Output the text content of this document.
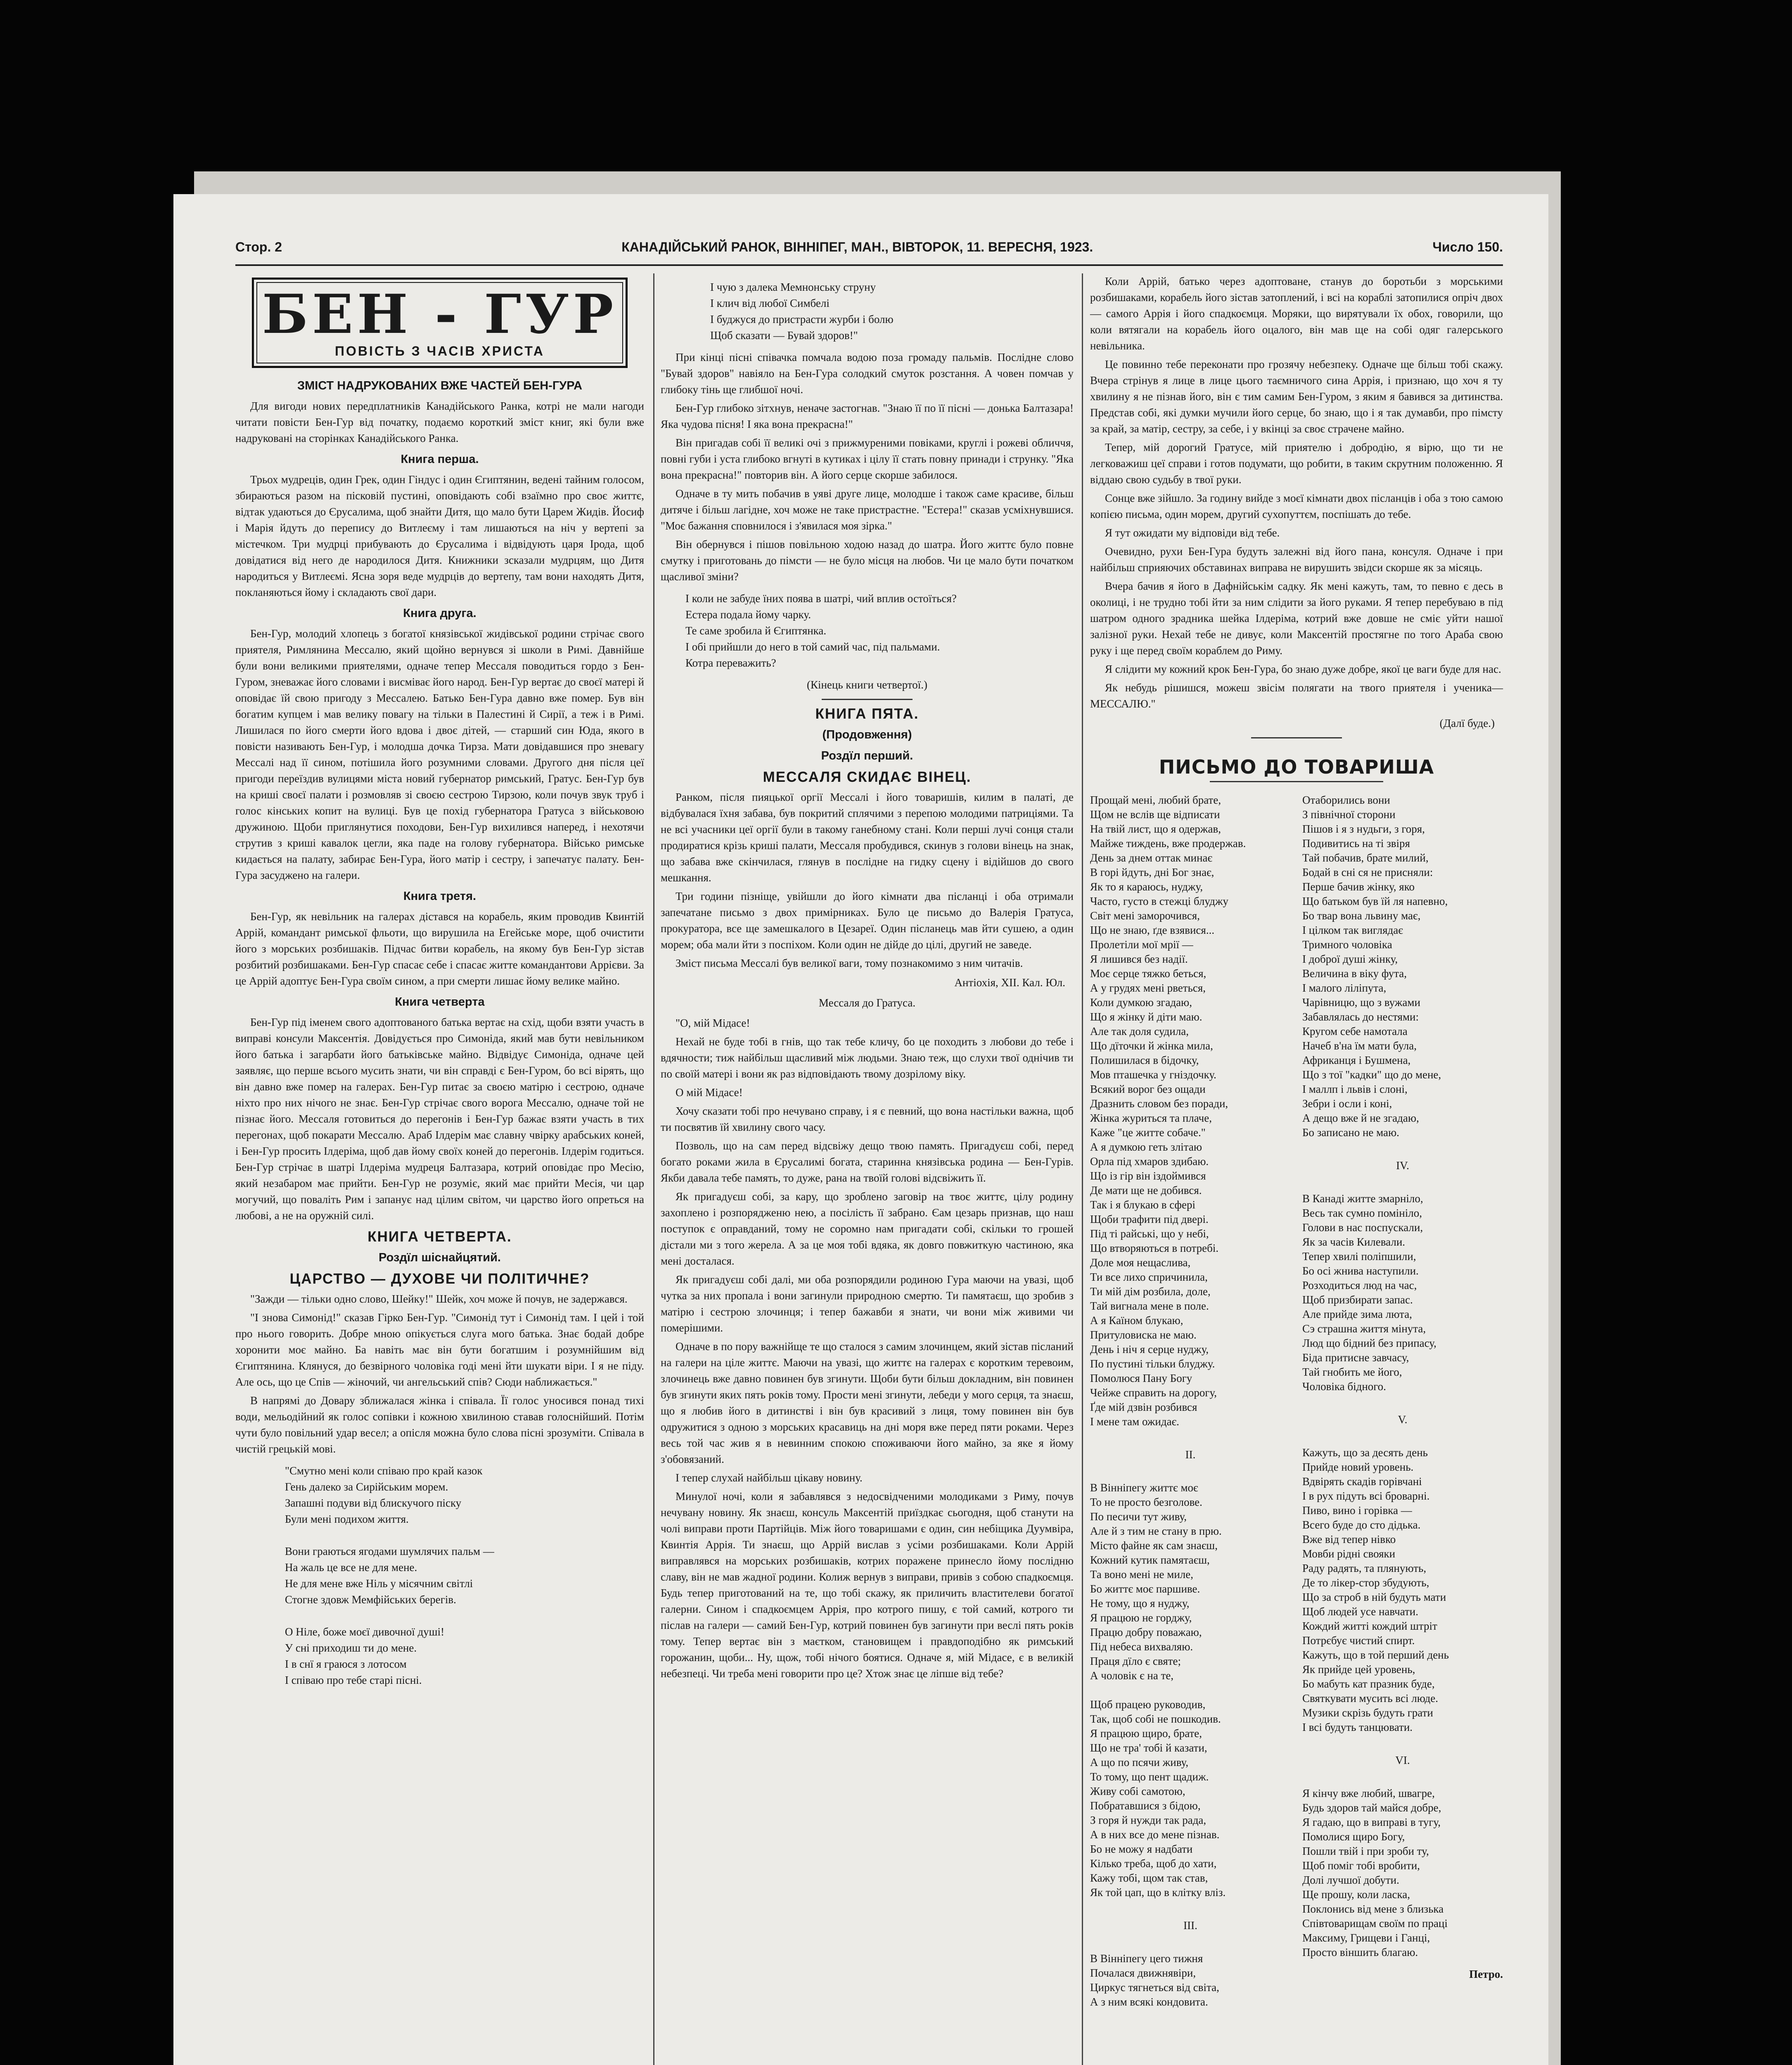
Стор. 2	КАНАДІЙСЬКИЙ РАНОК, ВІННІПЕГ, МАН., ВІВТОРОК, 11. ВЕРЕСНЯ, 1923.	Число 150.
БЕН - ГУР
ПОВІСТЬ З ЧАСІВ ХРИСТА
ЗМІСТ НАДРУКОВАНИХ ВЖЕ ЧАСТЕЙ БЕН-ГУРА

Для вигоди нових передплатників Канадійського Ранка, котрі не мали нагоди читати повісти Бен-Гур від початку, подаємо короткий зміст книг, які були вже надруковані на сторінках Канадійського Ранка.

Книга перша.

Трьох мудреців, один Грек, один Гіндус і один Єгиптянин, ведені тайним голосом, збираються разом на пісковій пустині, оповідають собі взаїмно про своє життє, відтак удаються до Єрусалима, щоб знайти Дитя, що мало бути Царем Жидів. Йосиф і Марія йдуть до перепису до Витлеєму і там лишаються на ніч у вертепі за містечком. Три мудрці прибувають до Єрусалима і відвідують царя Ірода, щоб довідатися від него де народилося Дитя. Книжники зсказали мудрцям, що Дитя народиться у Витлеємі. Ясна зоря веде мудрців до вертепу, там вони находять Дитя, покланяються йому і складають свої дари.

Книга друга.

Бен-Гур, молодий хлопець з богатої князівської жидівської родини стрічає свого приятеля, Римлянина Мессалю, який щойно вернувся зі школи в Римі. Давнійше були вони великими приятелями, одначе тепер Мессаля поводиться гордо з Бен-Гуром, зневажає його словами і висміває його народ. Бен-Гур вертає до своєї матері й оповідає їй свою пригоду з Мессалею. Батько Бен-Гура давно вже помер. Був він богатим купцем і мав велику повагу на тільки в Палестині й Сирії, а теж і в Римі. Лишилася по його смерти його вдова і двоє дітей, — старший син Юда, якого в повісти називають Бен-Гур, і молодша дочка Тирза. Мати довідавшися про зневагу Мессалі над її сином, потішила його розумними словами. Другого дня після цеї пригоди переїздив вулицями міста новий губернатор римський, Гратус. Бен-Гур був на криші своєї палати і розмовляв зі своєю сестрою Тирзою, коли почув звук труб і голос кінських копит на вулиці. Був це похід губернатора Гратуса з військовою дружиною. Щоби приглянутися походови, Бен-Гур вихилився наперед, і нехотячи струтив з криші кавалок цегли, яка паде на голову губернатора. Військо римське кидається на палату, забирає Бен-Гура, його матір і сестру, і запечатує палату. Бен-Гура засуджено на галери.

Книга третя.

Бен-Гур, як невільник на галерах дістався на корабель, яким проводив Квинтій Аррій, командант римської фльоти, що вирушила на Егейське море, щоб очистити його з морських розбишаків. Підчас битви корабель, на якому був Бен-Гур зістав розбитий розбишаками. Бен-Гур спасає себе і спасає житте командантови Аррієви. За це Аррій адоптує Бен-Гура своїм сином, а при смерти лишає йому велике майно.

Книга четверта

Бен-Гур під іменем свого адоптованого батька вертає на схід, щоби взяти участь в виправі консули Максентія. Довідується про Симоніда, який мав бути невільником його батька і загарбати його батьківське майно. Відвідує Симоніда, одначе цей заявляє, що перше всього мусить знати, чи він справді є Бен-Гуром, бо всі вірять, що він давно вже помер на галерах. Бен-Гур питає за своєю матірю і сестрою, одначе ніхто про них нічого не знає. Бен-Гур стрічає свого ворога Мессалю, одначе той не пізнає його. Мессаля готовиться до перегонів і Бен-Гур бажає взяти участь в тих перегонах, щоб покарати Мессалю. Араб Ілдерім має славну чвірку арабських коней, і Бен-Гур просить Ілдеріма, щоб дав йому своїх коней до перегонів. Ілдерім годиться. Бен-Гур стрічає в шатрі Ілдеріма мудреця Балтазара, котрий оповідає про Месію, який незабаром має прийти. Бен-Гур не розуміє, який має прийти Месія, чи цар могучий, що поваліть Рим і запанує над цілим світом, чи царство його опреться на любові, а не на оружній силі.

КНИГА ЧЕТВЕРТА.
Роздїл шіснайцятий.
ЦАРСТВО — ДУХОВЕ ЧИ ПОЛІТИЧНЕ?

"Зажди — тільки одно слово, Шейку!" Шейк, хоч може й почув, не задержався.

"І знова Симонід!" сказав Гірко Бен-Гур. "Симонід тут і Симонід там. І цей і той про нього говорить. Добре мною опікується слуга мого батька. Знає бодай добре хоронити моє майно. Ба навіть має він бути богатшим і розумнійшим від Єгиптянина. Клянуся, до безвірного чоловіка годі мені йти шукати віри. І я не піду. Але ось, що це Спів — жіночий, чи ангельський спів? Сюди наближається."

В напрямі до Довару зближалася жінка і співала. Її голос уносився понад тихі води, мельодійний як голос сопівки і кожною хвилиною ставав голоснійший. Потім чути було повільний удар весел; а опісля можна було слова пісні зрозуміти. Співала в чистій грецькій мові.

"Смутно мені коли співаю про край казок

Гень далеко за Сирійським морем.

Запашні подуви від блискучого піску

Були мені подихом життя.

Вони граються ягодами шумлячих пальм —

На жаль це все не для мене.

Не для мене вже Ніль у місячним світлі

Стогне здовж Мемфійських берегів.

О Ніле, боже моєї дивочної душі!

У сні приходиш ти до мене.

І в снї я граюся з лотосом

І співаю про тебе старі пісні.

І чую з далека Мемнонську струну

І клич від любої Симбелі

І буджуся до пристрасти журби і болю

Щоб сказати — Бувай здоров!"

При кінці пісні співачка помчала водою поза громаду пальмів. Послідне слово "Бувай здоров" навіяло на Бен-Гура солодкий смуток розстання. А човен помчав у глибоку тінь ще глибшої ночі.

Бен-Гур глибоко зітхнув, неначе застогнав. "Знаю її по її пісні — донька Балтазара! Яка чудова пісня! І яка вона прекрасна!"

Він пригадав собі її великі очі з прижмуреними повіками, круглі і рожеві обличчя, повні губи і уста глибоко вгнуті в кутиках і цілу її стать повну принади і струнку. "Яка вона прекрасна!" повторив він. А його серце скорше забилося.

Одначе в ту мить побачив в уяві друге лице, молодше і також саме красиве, більш дитяче і більш лагідне, хоч може не таке пристрастне. "Естера!" сказав усміхнувшися. "Моє бажання сповнилося і з'явилася моя зірка."

Він обернувся і пішов повільною ходою назад до шатра. Його життє було повне смутку і приготовань до пімсти — не було місця на любов. Чи це мало бути початком щасливої зміни?

І коли не забуде їних поява в шатрі, чий вплив остоїться?

Естера подала йому чарку.

Те саме зробила й Єгиптянка.

І обі прийшли до него в той самий час, під пальмами.

Котра переважить?

(Кінець книги четвертої.)

КНИГА ПЯТА.
(Продовження)
Роздїл перший.
МЕССАЛЯ СКИДАЄ ВІНЕЦ.

Ранком, після пияцької оргії Мессалі і його товаришів, килим в палаті, де відбувалася їхня забава, був покритий сплячими з перепою молодими патриціями. Та не всі учасники цеї оргії були в такому ганебному стані. Коли перші лучі сонця стали продиратися крізь криші палати, Мессаля пробудився, скинув з голови вінець на знак, що забава вже скінчилася, глянув в послідне на гидку сцену і відійшов до свого мешкання.

Три години пізніще, увійшли до його кімнати два післанці і оба отримали запечатане письмо з двох примірниках. Було це письмо до Валерія Гратуса, прокуратора, все ще замешкалого в Цезареї. Один післанець мав йти сушею, а один морем; оба мали йти з поспіхом. Коли один не дійде до цілі, другий не заведе.

Зміст письма Мессалі був великої ваги, тому познакомимо з ним читачів.

Антіохія, XII. Кал. Юл.

Мессаля до Гратуса.

"О, мій Мідасе!

Нехай не буде тобі в гнів, що так тебе кличу, бо це походить з любови до тебе і вдячности; тиж найбільш щасливий між людьми. Знаю теж, що слухи твої однічив ти по своїй матері і вони як раз відповідають твому дозрілому віку.

О мій Мідасе!

Хочу сказати тобі про нечувано справу, і я є певний, що вона настільки важна, щоб ти посвятив їй хвилину свого часу.

Позволь, що на сам перед відсвіжу дещо твою память. Пригадуєш собі, перед богато роками жила в Єрусалимі богата, старинна князівська родина — Бен-Гурів. Якби давала тебе память, то дуже, рана на твоїй голові відсвіжить її.

Як пригадуєш собі, за кару, що зроблено заговір на твоє життє, цілу родину захоплено і розпорядженю нею, а посілість її забрано. Єам цезарь признав, що наш поступок є оправданий, тому не соромно нам пригадати собі, скільки то грошей дістали ми з того жерела. А за це моя тобі вдяка, як довго повжиткую частиною, яка мені досталася.

Як пригадуєш собі далі, ми оба розпорядили родиною Гура маючи на увазі, щоб чутка за них пропала і вони загинули природною смертю. Ти памятаєш, що зробив з матірю і сестрою злочинця; і тепер бажавби я знати, чи вони між живими чи померішими.

Одначе в по пору важнійще те що сталося з самим злочинцем, який зістав післаний на галери на ціле життє. Маючи на увазі, що життє на галерах є коротким теревоим, злочинець вже давно повинен був згинути. Щоби бути більш докладним, він повинен був згинути яких пять років тому. Прости мені згинути, лебеди у мого серця, та знаєш, що я любив його в дитинстві і він був красивий з лиця, тому повинен він був одружитися з одною з морських красавиць на дні моря вже перед пяти роками. Через весь той час жив я в невинним спокою споживаючи його майно, за яке я йому з'обовязаний.

І тепер слухай найбільш цікаву новину.

Минулої ночі, коли я забавлявся з недосвідченими молодиками з Риму, почув нечувану новину. Як знаєш, консуль Максентій приїздкає сьогодня, щоб станути на чолі виправи проти Партійців. Між його товаришами є один, син небіщика Дуумвіра, Квинтія Аррія. Ти знаєш, що Аррій вислав з усіми розбишаками. Коли Аррій виправлявся на морських розбишаків, котрих поражене принесло йому послідню славу, він не мав жадної родини. Колиж вернув з виправи, привів з собою спадкоємця. Будь тепер приготований на те, що тобі скажу, як приличить властителеви богатої галерни. Сином і спадкоємцем Аррія, про котрого пишу, є той самий, котрого ти післав на галери — самий Бен-Гур, котрий повинен був загинути при веслі пять років тому. Тепер вертає він з маєтком, становищем і правдоподібно як римський горожанин, щоби... Ну, щож, тобі нічого боятися. Одначе я, мій Мідасе, є в великій небезпеці. Чи треба мені говорити про це? Хтож знає це ліпше від тебе?

Коли Аррій, батько через адоптоване, станув до боротьби з морськими розбишаками, корабель його зістав затоплений, і всі на кораблі затопилися опріч двох — самого Аррія і його спадкоємця. Моряки, що вирятували їх обох, говорили, що коли вятягали на корабель його оцалого, він мав ще на собі одяг галерського невільника.

Це повинно тебе переконати про грозячу небезпеку. Одначе ще більш тобі скажу. Вчера стрінув я лице в лице цього таємничого сина Аррія, і признаю, що хоч я ту хвилину я не пізнав його, він є тим самим Бен-Гуром, з яким я бавився за дитинства. Представ собі, які думки мучили його серце, бо знаю, що і я так думавби, про пімсту за край, за матір, сестру, за себе, і у вкінці за своє страчене майно.

Тепер, мій дорогий Гратусе, мій приятелю і добродію, я вірю, що ти не легковажиш цеї справи і готов подумати, що робити, в таким скрутним положенню. Я віддаю свою судьбу в твої руки.

Сонце вже зійшло. За годину вийде з моєї кімнати двох післанців і оба з тою самою копією письма, один морем, другий сухопуттєм, поспішать до тебе.

Я тут ожидати му відповіди від тебе.

Очевидно, рухи Бен-Гура будуть залежні від його пана, консуля. Одначе і при найбільш сприяючих обставинах виправа не вирушить звідси скорше як за місяць.

Вчера бачив я його в Дафнійськім садку. Як мені кажуть, там, то певно є десь в околиці, і не трудно тобі йти за ним слідити за його руками. Я тепер перебуваю в під шатром одного зрадника шейка Ілдеріма, котрий вже довше не сміє уйти нашої залізної руки. Нехай тебе не дивує, коли Максентій простягне по того Араба свою руку і ще перед своїм кораблем до Риму.

Я слідити му кожний крок Бен-Гура, бо знаю дуже добре, якої це ваги буде для нас.

Як небудь рішишся, можеш звісім полягати на твого приятеля і ученика—МЕССАЛЮ."

(Далї буде.)

ПИСЬМО ДО ТОВАРИША
Прощай мені, любий брате,
Щом не вслів ще відписати
На твій лист, що я одержав,
Майже тиждень, вже продержав.
День за днем оттак минає
В горі йдуть, дні Бог знає,
Як то я караюсь, нуджу,
Часто, густо в стежці блуджу
Світ мені заморочився,
Що не знаю, ґде взявися...
Пролетіли мої мрії —
Я лишився без надії.
Моє серце тяжко беться,
А у грудях мені рветься,
Коли думкою згадаю,
Що я жінку й діти маю.
Але так доля судила,
Що дїточки й жінка мила,
Полишилася в бідочку,
Мов пташечка у гніздочку.
Всякий ворог без ощади
Дразнить словом без поради,
Жінка журиться та плаче,
Каже "це житте собаче."
А я думкою геть злітаю
Орла під хмаров здибаю.
Що із гір він іздоймився
Де мати ще не добився.
Так і я блукаю в сфері
Щоби трафити під двері.
Під ті райські, що у небі,
Що втворяються в потребі.
Доле моя нещаслива,
Ти все лихо спричинила,
Ти мій дім розбила, доле,
Тай вигнала мене в поле.
А я Каїном блукаю,
Притуловиска не маю.
День і ніч я серце нуджу,
По пустині тільки блуджу.
Помолюся Пану Богу
Чейже справить на дорогу,
Ґде мій дзвін розбився
І мене там ожидає.

II.

В Вінніпегу життє моє
То не просто безголове.
По песичи тут живу,
Але й з тим не стану в прю.
Місто файне як сам знаєш,
Кожний кутик памятаєш,
Та воно мені не миле,
Бо життє моє паршиве.
Не тому, що я нуджу,
Я працюю не горджу,
Працю добру поважаю,
Під небеса вихваляю.
Праця дїло є святе;
А чоловік є на те,

Щоб працею руководив,
Так, щоб собі не пошкодив.
Я працюю щиро, брате,
Що не тра' тобі й казати,
А що по псячи живу,
То тому, що пент щадиж.
Живу собі самотою,
Побратавшися з бідою,
З горя й нужди так рада,
А в них все до мене пізнав.
Бо не можу я надбати
Кілько треба, щоб до хати,
Кажу тобі, щом так став,
Як той цап, що в клітку вліз.

III.

В Вінніпегу цего тижня
Почалася движнявіри,
Циркус тягнеться від світа,
А з ним всякі кондовита.
Отаборились вони
З північної сторони
Пішов і я з нудьги, з горя,
Подивитись на ті звіря
Тай побачив, брате милий,
Бодай в сні ся не присняли:
Перше бачив жінку, яко
Що батьком був їй ля напевно,
Бо твар вона львину має,
І цілком так виглядає
Тримного чоловіка
І доброї душі жінку,
Величина в віку фута,
І малого ліліпута,
Чарівницю, що з вужами
Забавлялась до нестями:
Кругом себе намотала
Начеб в'на їм мати була,
Африканця і Бушмена,
Що з тої "кадки" що до мене,
І маллп і львів і слоні,
Зебри і осли і коні,
А дещо вже й не згадаю,
Бо записано не маю.

IV.

В Канаді житте змарніло,
Весь так сумно помініло,
Голови в нас поспускали,
Як за часів Килевали.
Тепер хвилі поліпшили,
Бо осі жнива наступили.
Розходиться люд на час,
Щоб призбирати запас.
Але прийде зима люта,
Сэ страшна життя мінута,
Люд що бідний без припасу,
Біда притисне завчасу,
Тай гнобить ме його,
Чоловіка бідного.

V.

Кажуть, що за десять день
Прийде новий уровень.
Вдвірять скадів горівчані
І в рух підуть всі броварні.
Пиво, вино і горівка —
Всего буде до сто дідька.
Вже від тепер нівко
Мовби рідні свояки
Раду радять, та плянують,
Де то лікер-стор збудують,
Що за строб в ній будуть мати
Щоб людей усе навчати.
Кождий житті кождий штріт
Потрєбує чистий спирт.
Кажуть, що в той перший день
Як прийде цей уровень,
Бо мабуть кат празник буде,
Святкувати мусить всі люде.
Музики скрізь будуть грати
І всі будуть танцювати.

VI.

Я кінчу вже любий, швагре,
Будь здоров тай майся добре,
Я гадаю, що в виправі в тугу,
Помолися щиро Богу,
Пошли твій і при зроби ту,
Щоб поміг тобі вробити,
Долі лучшої добути.
Ще прошу, коли ласка,
Поклонись від мене з близька
Співтоварищам своїм по праці
Максиму, Грищеви і Ганці,
Просто віншить благаю.
Петро.
